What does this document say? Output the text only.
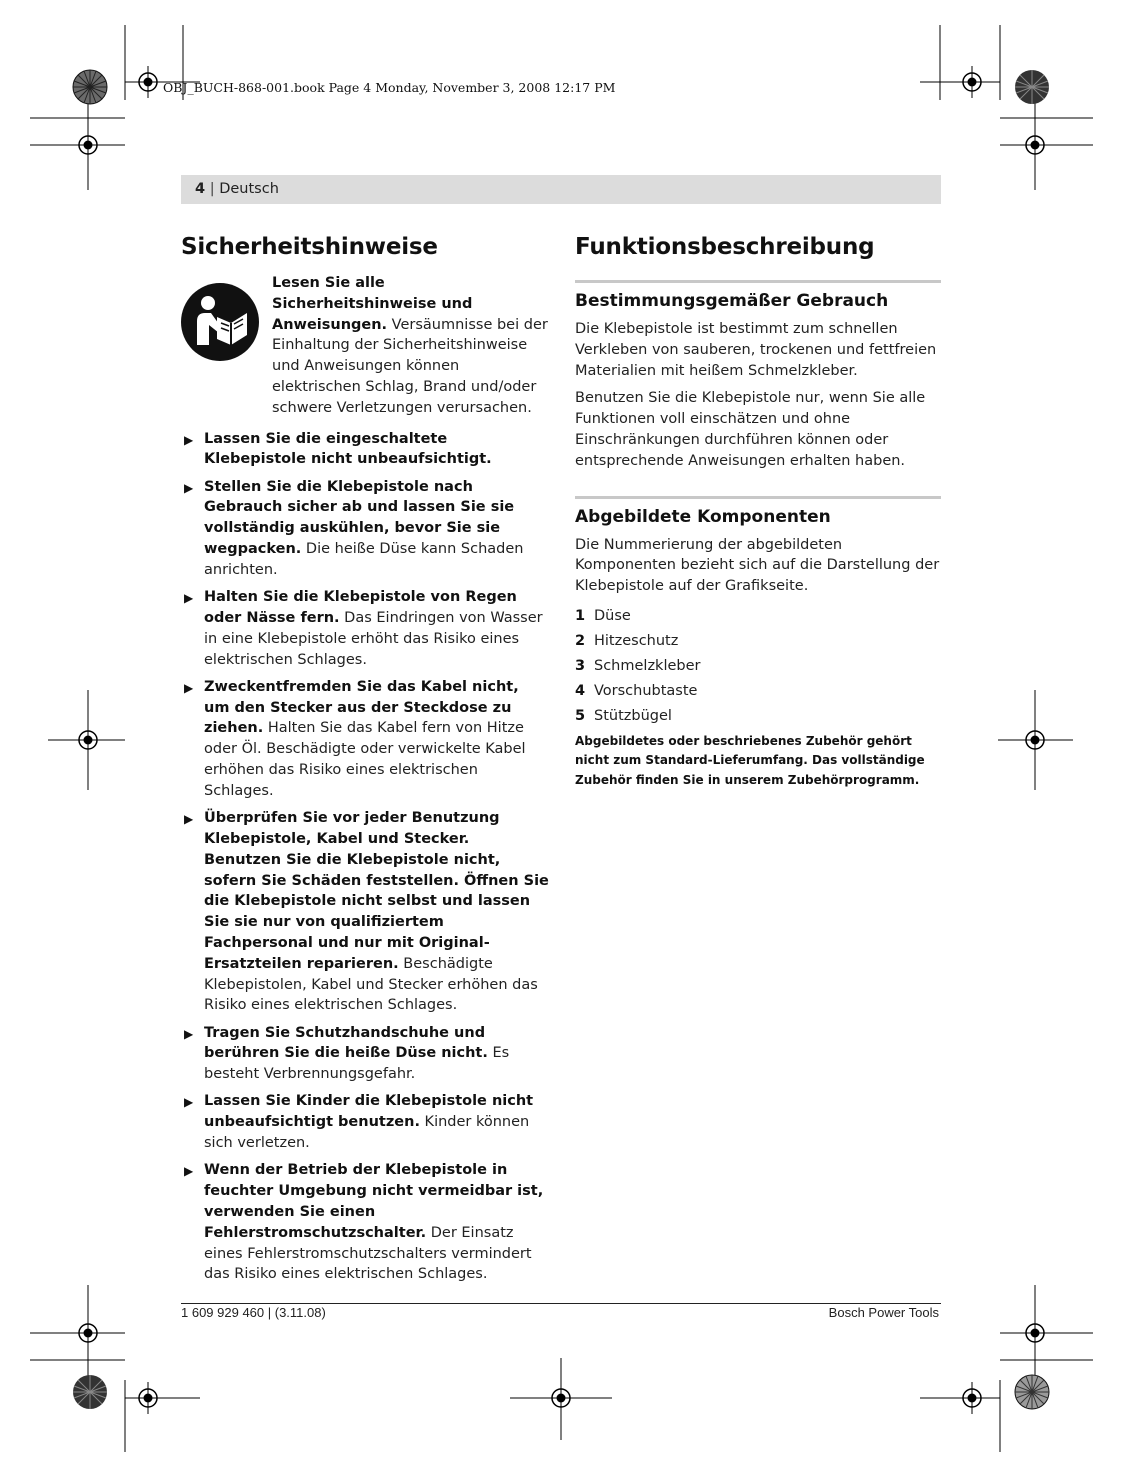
OBJ_BUCH-868-001.book Page 4 Monday, November 3, 2008 12:17 PM
4 | Deutsch
Sicherheitshinweise
Lesen Sie alle Sicherheitshinweise und Anweisungen. Versäumnisse bei der Einhaltung der Sicherheitshinweise und Anweisungen können elektrischen Schlag, Brand und/oder schwere Verletzungen verursachen.
▶ Lassen Sie die eingeschaltete Klebepistole nicht unbeaufsichtigt.
▶ Stellen Sie die Klebepistole nach Gebrauch sicher ab und lassen Sie sie vollständig auskühlen, bevor Sie sie wegpacken. Die heiße Düse kann Schaden anrichten.
▶ Halten Sie die Klebepistole von Regen oder Nässe fern. Das Eindringen von Wasser in eine Klebepistole erhöht das Risiko eines elektrischen Schlages.
▶ Zweckentfremden Sie das Kabel nicht, um den Stecker aus der Steckdose zu ziehen. Halten Sie das Kabel fern von Hitze oder Öl. Beschädigte oder verwickelte Kabel erhöhen das Risiko eines elektrischen Schlages.
▶ Überprüfen Sie vor jeder Benutzung Klebepistole, Kabel und Stecker. Benutzen Sie die Klebepistole nicht, sofern Sie Schäden feststellen. Öffnen Sie die Klebepistole nicht selbst und lassen Sie sie nur von qualifiziertem Fachpersonal und nur mit Original-Ersatzteilen reparieren. Beschädigte Klebepistolen, Kabel und Stecker erhöhen das Risiko eines elektrischen Schlages.
▶ Tragen Sie Schutzhandschuhe und berühren Sie die heiße Düse nicht. Es besteht Verbrennungsgefahr.
▶ Lassen Sie Kinder die Klebepistole nicht unbeaufsichtigt benutzen. Kinder können sich verletzen.
▶ Wenn der Betrieb der Klebepistole in feuchter Umgebung nicht vermeidbar ist, verwenden Sie einen Fehlerstromschutzschalter. Der Einsatz eines Fehlerstromschutzschalters vermindert das Risiko eines elektrischen Schlages.
Funktionsbeschreibung
Bestimmungsgemäßer Gebrauch

Die Klebepistole ist bestimmt zum schnellen Verkleben von sauberen, trockenen und fettfreien Materialien mit heißem Schmelzkleber.

Benutzen Sie die Klebepistole nur, wenn Sie alle Funktionen voll einschätzen und ohne Einschränkungen durchführen können oder entsprechende Anweisungen erhalten haben.

Abgebildete Komponenten

Die Nummerierung der abgebildeten Komponenten bezieht sich auf die Darstellung der Klebepistole auf der Grafikseite.

1 Düse
2 Hitzeschutz
3 Schmelzkleber
4 Vorschubtaste
5 Stützbügel
Abgebildetes oder beschriebenes Zubehör gehört nicht zum Standard-Lieferumfang. Das vollständige Zubehör finden Sie in unserem Zubehörprogramm.
1 609 929 460 | (3.11.08)	Bosch Power Tools
